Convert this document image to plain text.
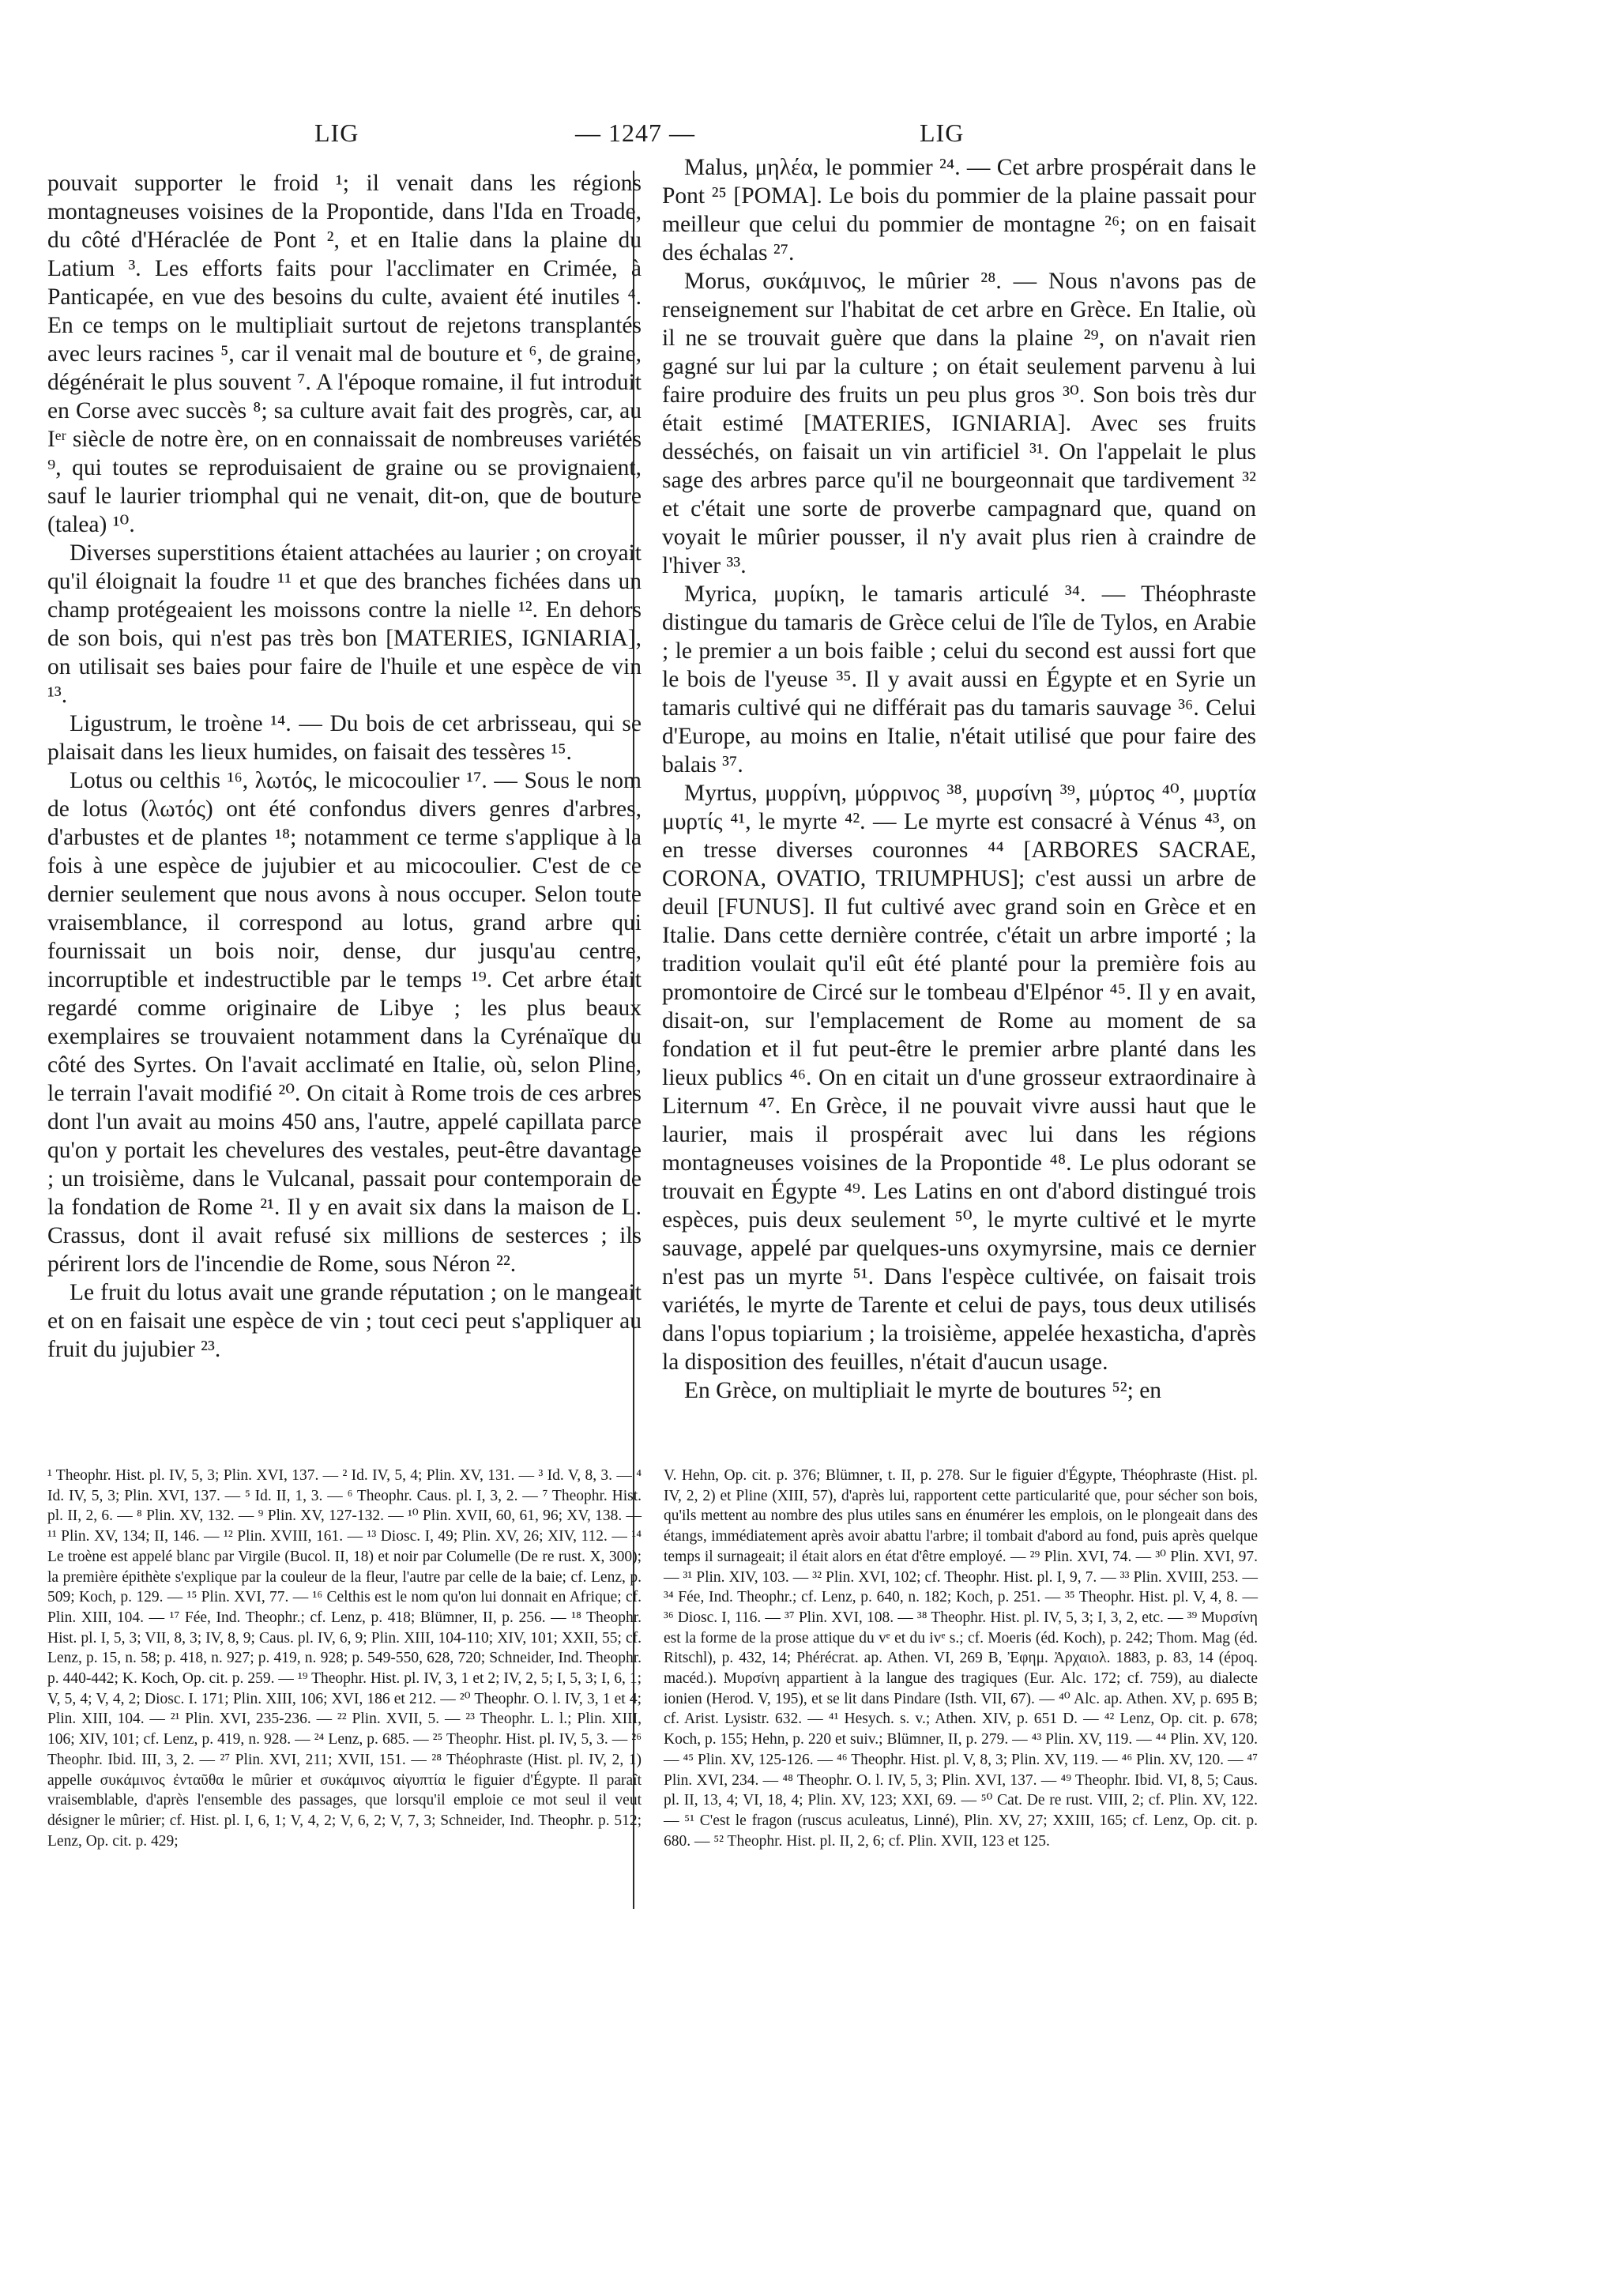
LIG	— 1247 —	LIG

pouvait supporter le froid ¹; il venait dans les régions montagneuses voisines de la Propontide, dans l'Ida en Troade, du côté d'Héraclée de Pont ², et en Italie dans la plaine du Latium ³. Les efforts faits pour l'acclimater en Crimée, à Panticapée, en vue des besoins du culte, avaient été inutiles ⁴. En ce temps on le multipliait surtout de rejetons transplantés avec leurs racines ⁵, car il venait mal de bouture et ⁶, de graine, dégénérait le plus souvent ⁷. A l'époque romaine, il fut introduit en Corse avec succès ⁸; sa culture avait fait des progrès, car, au Iᵉʳ siècle de notre ère, on en connaissait de nombreuses variétés ⁹, qui toutes se reproduisaient de graine ou se provignaient, sauf le laurier triomphal qui ne venait, dit-on, que de bouture (talea) ¹⁰.

Diverses superstitions étaient attachées au laurier ; on croyait qu'il éloignait la foudre ¹¹ et que des branches fichées dans un champ protégeaient les moissons contre la nielle ¹². En dehors de son bois, qui n'est pas très bon [MATERIES, IGNIARIA], on utilisait ses baies pour faire de l'huile et une espèce de vin ¹³.

Ligustrum, le troène ¹⁴. — Du bois de cet arbrisseau, qui se plaisait dans les lieux humides, on faisait des tessères ¹⁵.

Lotus ou celthis ¹⁶, λωτός, le micocoulier ¹⁷. — Sous le nom de lotus (λωτός) ont été confondus divers genres d'arbres, d'arbustes et de plantes ¹⁸; notamment ce terme s'applique à la fois à une espèce de jujubier et au micocoulier. C'est de ce dernier seulement que nous avons à nous occuper. Selon toute vraisemblance, il correspond au lotus, grand arbre qui fournissait un bois noir, dense, dur jusqu'au centre, incorruptible et indestructible par le temps ¹⁹. Cet arbre était regardé comme originaire de Libye ; les plus beaux exemplaires se trouvaient notamment dans la Cyrénaïque du côté des Syrtes. On l'avait acclimaté en Italie, où, selon Pline, le terrain l'avait modifié ²⁰. On citait à Rome trois de ces arbres dont l'un avait au moins 450 ans, l'autre, appelé capillata parce qu'on y portait les chevelures des vestales, peut-être davantage ; un troisième, dans le Vulcanal, passait pour contemporain de la fondation de Rome ²¹. Il y en avait six dans la maison de L. Crassus, dont il avait refusé six millions de sesterces ; ils périrent lors de l'incendie de Rome, sous Néron ²².

Le fruit du lotus avait une grande réputation ; on le mangeait et on en faisait une espèce de vin ; tout ceci peut s'appliquer au fruit du jujubier ²³.

Malus, μηλέα, le pommier ²⁴. — Cet arbre prospérait dans le Pont ²⁵ [POMA]. Le bois du pommier de la plaine passait pour meilleur que celui du pommier de montagne ²⁶; on en faisait des échalas ²⁷.

Morus, συκάμινος, le mûrier ²⁸. — Nous n'avons pas de renseignement sur l'habitat de cet arbre en Grèce. En Italie, où il ne se trouvait guère que dans la plaine ²⁹, on n'avait rien gagné sur lui par la culture ; on était seulement parvenu à lui faire produire des fruits un peu plus gros ³⁰. Son bois très dur était estimé [MATERIES, IGNIARIA]. Avec ses fruits desséchés, on faisait un vin artificiel ³¹. On l'appelait le plus sage des arbres parce qu'il ne bourgeonnait que tardivement ³² et c'était une sorte de proverbe campagnard que, quand on voyait le mûrier pousser, il n'y avait plus rien à craindre de l'hiver ³³.

Myrica, μυρίκη, le tamaris articulé ³⁴. — Théophraste distingue du tamaris de Grèce celui de l'île de Tylos, en Arabie ; le premier a un bois faible ; celui du second est aussi fort que le bois de l'yeuse ³⁵. Il y avait aussi en Égypte et en Syrie un tamaris cultivé qui ne différait pas du tamaris sauvage ³⁶. Celui d'Europe, au moins en Italie, n'était utilisé que pour faire des balais ³⁷.

Myrtus, μυρρίνη, μύρρινος ³⁸, μυρσίνη ³⁹, μύρτος ⁴⁰, μυρτία μυρτίς ⁴¹, le myrte ⁴². — Le myrte est consacré à Vénus ⁴³, on en tresse diverses couronnes ⁴⁴ [ARBORES SACRAE, CORONA, OVATIO, TRIUMPHUS]; c'est aussi un arbre de deuil [FUNUS]. Il fut cultivé avec grand soin en Grèce et en Italie. Dans cette dernière contrée, c'était un arbre importé ; la tradition voulait qu'il eût été planté pour la première fois au promontoire de Circé sur le tombeau d'Elpénor ⁴⁵. Il y en avait, disait-on, sur l'emplacement de Rome au moment de sa fondation et il fut peut-être le premier arbre planté dans les lieux publics ⁴⁶. On en citait un d'une grosseur extraordinaire à Liternum ⁴⁷. En Grèce, il ne pouvait vivre aussi haut que le laurier, mais il prospérait avec lui dans les régions montagneuses voisines de la Propontide ⁴⁸. Le plus odorant se trouvait en Égypte ⁴⁹. Les Latins en ont d'abord distingué trois espèces, puis deux seulement ⁵⁰, le myrte cultivé et le myrte sauvage, appelé par quelques-uns oxymyrsine, mais ce dernier n'est pas un myrte ⁵¹. Dans l'espèce cultivée, on faisait trois variétés, le myrte de Tarente et celui de pays, tous deux utilisés dans l'opus topiarium ; la troisième, appelée hexasticha, d'après la disposition des feuilles, n'était d'aucun usage.

En Grèce, on multipliait le myrte de boutures ⁵²; en

¹ Theophr. Hist. pl. IV, 5, 3; Plin. XVI, 137. — ² Id. IV, 5, 4; Plin. XV, 131. — ³ Id. V, 8, 3. — ⁴ Id. IV, 5, 3; Plin. XVI, 137. — ⁵ Id. II, 1, 3. — ⁶ Theophr. Caus. pl. I, 3, 2. — ⁷ Theophr. Hist. pl. II, 2, 6. — ⁸ Plin. XV, 132. — ⁹ Plin. XV, 127-132. — ¹⁰ Plin. XVII, 60, 61, 96; XV, 138. — ¹¹ Plin. XV, 134; II, 146. — ¹² Plin. XVIII, 161. — ¹³ Diosc. I, 49; Plin. XV, 26; XIV, 112. — ¹⁴ Le troène est appelé blanc par Virgile (Bucol. II, 18) et noir par Columelle (De re rust. X, 300); la première épithète s'explique par la couleur de la fleur, l'autre par celle de la baie; cf. Lenz, p. 509; Koch, p. 129. — ¹⁵ Plin. XVI, 77. — ¹⁶ Celthis est le nom qu'on lui donnait en Afrique; cf. Plin. XIII, 104. — ¹⁷ Fée, Ind. Theophr.; cf. Lenz, p. 418; Blümner, II, p. 256. — ¹⁸ Theophr. Hist. pl. I, 5, 3; VII, 8, 3; IV, 8, 9; Caus. pl. IV, 6, 9; Plin. XIII, 104-110; XIV, 101; XXII, 55; cf. Lenz, p. 15, n. 58; p. 418, n. 927; p. 419, n. 928; p. 549-550, 628, 720; Schneider, Ind. Theophr. p. 440-442; K. Koch, Op. cit. p. 259. — ¹⁹ Theophr. Hist. pl. IV, 3, 1 et 2; IV, 2, 5; I, 5, 3; I, 6, 1; V, 5, 4; V, 4, 2; Diosc. I. 171; Plin. XIII, 106; XVI, 186 et 212. — ²⁰ Theophr. O. l. IV, 3, 1 et 4; Plin. XIII, 104. — ²¹ Plin. XVI, 235-236. — ²² Plin. XVII, 5. — ²³ Theophr. L. l.; Plin. XIII, 106; XIV, 101; cf. Lenz, p. 419, n. 928. — ²⁴ Lenz, p. 685. — ²⁵ Theophr. Hist. pl. IV, 5, 3. — ²⁶ Theophr. Ibid. III, 3, 2. — ²⁷ Plin. XVI, 211; XVII, 151. — ²⁸ Théophraste (Hist. pl. IV, 2, 1) appelle συκάμινος ἐνταῦθα le mûrier et συκάμινος αἰγυπτία le figuier d'Égypte. Il paraît vraisemblable, d'après l'ensemble des passages, que lorsqu'il emploie ce mot seul il veut désigner le mûrier; cf. Hist. pl. I, 6, 1; V, 4, 2; V, 6, 2; V, 7, 3; Schneider, Ind. Theophr. p. 512; Lenz, Op. cit. p. 429;
V. Hehn, Op. cit. p. 376; Blümner, t. II, p. 278. Sur le figuier d'Égypte, Théophraste (Hist. pl. IV, 2, 2) et Pline (XIII, 57), d'après lui, rapportent cette particularité que, pour sécher son bois, qu'ils mettent au nombre des plus utiles sans en énumérer les emplois, on le plongeait dans des étangs, immédiatement après avoir abattu l'arbre; il tombait d'abord au fond, puis après quelque temps il surnageait; il était alors en état d'être employé. — ²⁹ Plin. XVI, 74. — ³⁰ Plin. XVI, 97. — ³¹ Plin. XIV, 103. — ³² Plin. XVI, 102; cf. Theophr. Hist. pl. I, 9, 7. — ³³ Plin. XVIII, 253. — ³⁴ Fée, Ind. Theophr.; cf. Lenz, p. 640, n. 182; Koch, p. 251. — ³⁵ Theophr. Hist. pl. V, 4, 8. — ³⁶ Diosc. I, 116. — ³⁷ Plin. XVI, 108. — ³⁸ Theophr. Hist. pl. IV, 5, 3; I, 3, 2, etc. — ³⁹ Μυρσίνη est la forme de la prose attique du vᵉ et du ivᵉ s.; cf. Moeris (éd. Koch), p. 242; Thom. Mag (éd. Ritschl), p. 432, 14; Phérécrat. ap. Athen. VI, 269 B, Ἐφημ. Ἀρχαιολ. 1883, p. 83, 14 (époq. macéd.). Μυρσίνη appartient à la langue des tragiques (Eur. Alc. 172; cf. 759), au dialecte ionien (Herod. V, 195), et se lit dans Pindare (Isth. VII, 67). — ⁴⁰ Alc. ap. Athen. XV, p. 695 B; cf. Arist. Lysistr. 632. — ⁴¹ Hesych. s. v.; Athen. XIV, p. 651 D. — ⁴² Lenz, Op. cit. p. 678; Koch, p. 155; Hehn, p. 220 et suiv.; Blümner, II, p. 279. — ⁴³ Plin. XV, 119. — ⁴⁴ Plin. XV, 120. — ⁴⁵ Plin. XV, 125-126. — ⁴⁶ Theophr. Hist. pl. V, 8, 3; Plin. XV, 119. — ⁴⁶ Plin. XV, 120. — ⁴⁷ Plin. XVI, 234. — ⁴⁸ Theophr. O. l. IV, 5, 3; Plin. XVI, 137. — ⁴⁹ Theophr. Ibid. VI, 8, 5; Caus. pl. II, 13, 4; VI, 18, 4; Plin. XV, 123; XXI, 69. — ⁵⁰ Cat. De re rust. VIII, 2; cf. Plin. XV, 122. — ⁵¹ C'est le fragon (ruscus aculeatus, Linné), Plin. XV, 27; XXIII, 165; cf. Lenz, Op. cit. p. 680. — ⁵² Theophr. Hist. pl. II, 2, 6; cf. Plin. XVII, 123 et 125.
